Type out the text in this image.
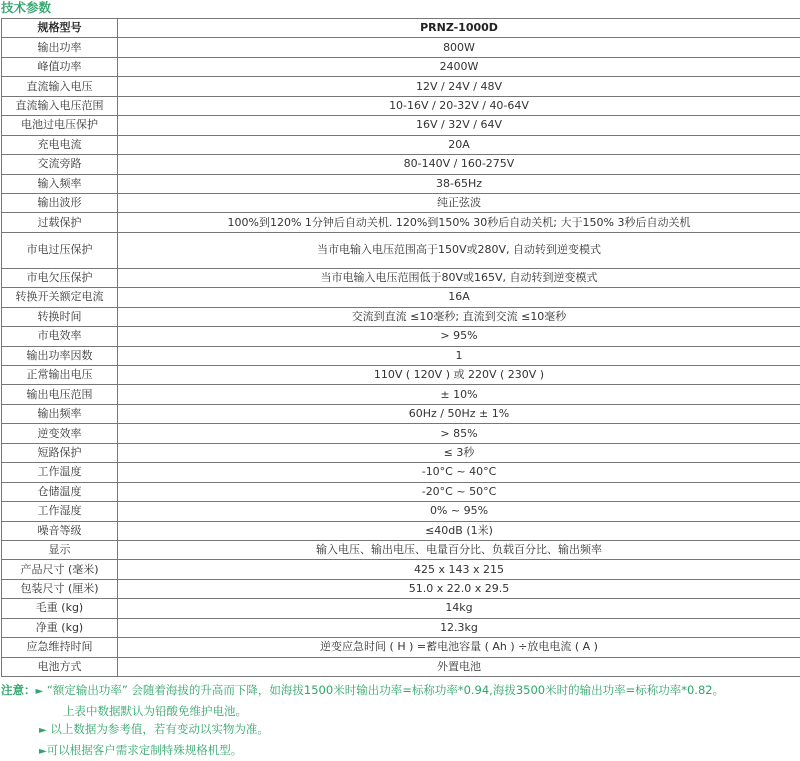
技术参数
规格型号	PRNZ-1000D
输出功率	800W
峰值功率	2400W
直流输入电压	12V / 24V / 48V
直流输入电压范围	10-16V / 20-32V / 40-64V
电池过电压保护	16V / 32V / 64V
充电电流	20A
交流旁路	80-140V / 160-275V
输入频率	38-65Hz
输出波形	纯正弦波
过载保护	100%到120% 1分钟后自动关机. 120%到150% 30秒后自动关机; 大于150% 3秒后自动关机
市电过压保护	当市电输入电压范围高于150V或280V, 自动转到逆变模式
市电欠压保护	当市电输入电压范围低于80V或165V, 自动转到逆变模式
转换开关额定电流	16A
转换时间	交流到直流 ≤10毫秒; 直流到交流 ≤10毫秒
市电效率	> 95%
输出功率因数	1
正常输出电压	110V ( 120V ) 或 220V ( 230V )
输出电压范围	± 10%
输出频率	60Hz / 50Hz ± 1%
逆变效率	> 85%
短路保护	≤ 3秒
工作温度	-10°C ~ 40°C
仓储温度	-20°C ~ 50°C
工作湿度	0% ~ 95%
噪音等级	≤40dB (1米)
显示	输入电压、输出电压、电量百分比、负载百分比、输出频率
产品尺寸 (毫米)	425 x 143 x 215
包装尺寸 (厘米)	51.0 x 22.0 x 29.5
毛重 (kg)	14kg
净重 (kg)	12.3kg
应急维持时间	逆变应急时间 ( H ) =蓄电池容量 ( Ah ) ÷放电电流 ( A )
电池方式	外置电池
注意：► “额定输出功率” 会随着海拔的升高而下降，如海拔1500米时输出功率=标称功率*0.94,海拔3500米时的输出功率=标称功率*0.82。
上表中数据默认为铅酸免维护电池。
► 以上数据为参考值，若有变动以实物为准。
►可以根据客户需求定制特殊规格机型。
